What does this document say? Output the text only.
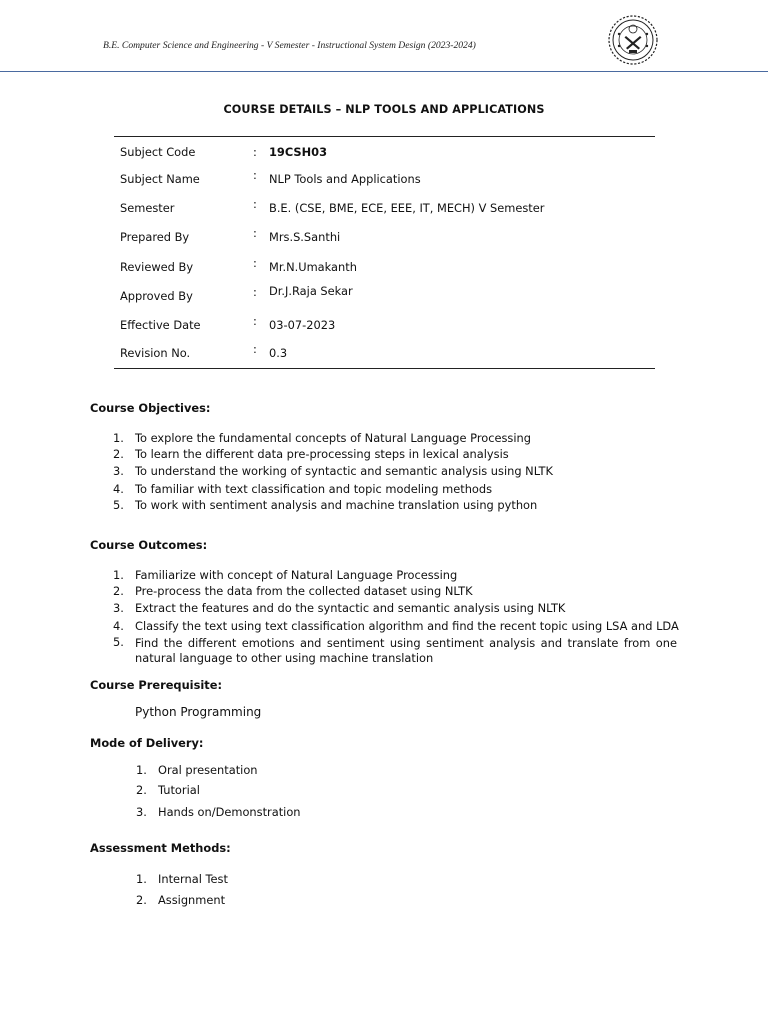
B.E. Computer Science and Engineering - V Semester - Instructional System Design (2023-2024)
COURSE DETAILS – NLP TOOLS AND APPLICATIONS
Subject Code	: 19CSH03
Subject Name	: NLP Tools and Applications
Semester	: B.E. (CSE, BME, ECE, EEE, IT, MECH) V Semester
Prepared By	: Mrs.S.Santhi
Reviewed By	: Mr.N.Umakanth
Approved By	: Dr.J.Raja Sekar
Effective Date	: 03-07-2023
Revision No.	: 0.3
Course Objectives:
1. To explore the fundamental concepts of Natural Language Processing
2. To learn the different data pre-processing steps in lexical analysis
3. To understand the working of syntactic and semantic analysis using NLTK
4. To familiar with text classification and topic modeling methods
5. To work with sentiment analysis and machine translation using python
Course Outcomes:
1. Familiarize with concept of Natural Language Processing
2. Pre-process the data from the collected dataset using NLTK
3. Extract the features and do the syntactic and semantic analysis using NLTK
4. Classify the text using text classification algorithm and find the recent topic using LSA and LDA
5. Find the different emotions and sentiment using sentiment analysis and translate from one
natural language to other using machine translation
Course Prerequisite:
Python Programming
Mode of Delivery:
1. Oral presentation
2. Tutorial
3. Hands on/Demonstration
Assessment Methods:
1. Internal Test
2. Assignment
